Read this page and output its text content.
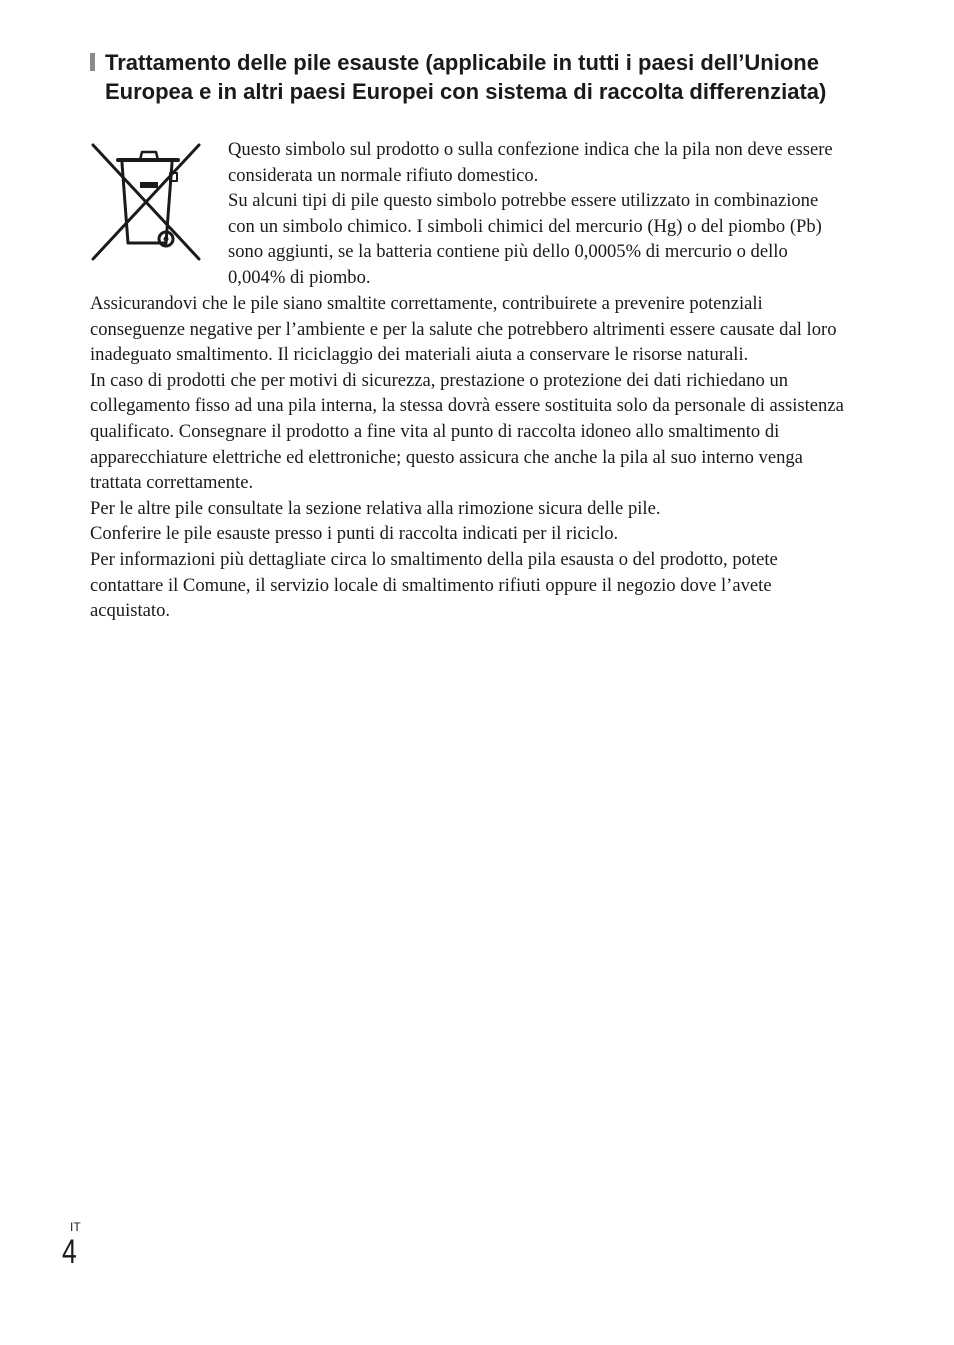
Trattamento delle pile esauste (applicabile in tutti i paesi dell’Unione Europea e in altri paesi Europei con sistema di raccolta differenziata)

Questo simbolo sul prodotto o sulla confezione indica che la pila non deve essere considerata un normale rifiuto domestico.

Su alcuni tipi di pile questo simbolo potrebbe essere utilizzato in combinazione con un simbolo chimico. I simboli chimici del mercurio (Hg) o del piombo (Pb) sono aggiunti, se la batteria contiene più dello 0,0005% di mercurio o dello 0,004% di piombo.

Assicurandovi che le pile siano smaltite correttamente, contribuirete a prevenire potenziali conseguenze negative per l’ambiente e per la salute che potrebbero altrimenti essere causate dal loro inadeguato smaltimento. Il riciclaggio dei materiali aiuta a conservare le risorse naturali.

In caso di prodotti che per motivi di sicurezza, prestazione o protezione dei dati richiedano un collegamento fisso ad una pila interna, la stessa dovrà essere sostituita solo da personale di assistenza qualificato. Consegnare il prodotto a fine vita al punto di raccolta idoneo allo smaltimento di apparecchiature elettriche ed elettroniche; questo assicura che anche la pila al suo interno venga trattata correttamente.

Per le altre pile consultate la sezione relativa alla rimozione sicura delle pile.

Conferire le pile esauste presso i punti di raccolta indicati per il riciclo.

Per informazioni più dettagliate circa lo smaltimento della pila esausta o del prodotto, potete contattare il Comune, il servizio locale di smaltimento rifiuti oppure il negozio dove l’avete acquistato.

IT
4
